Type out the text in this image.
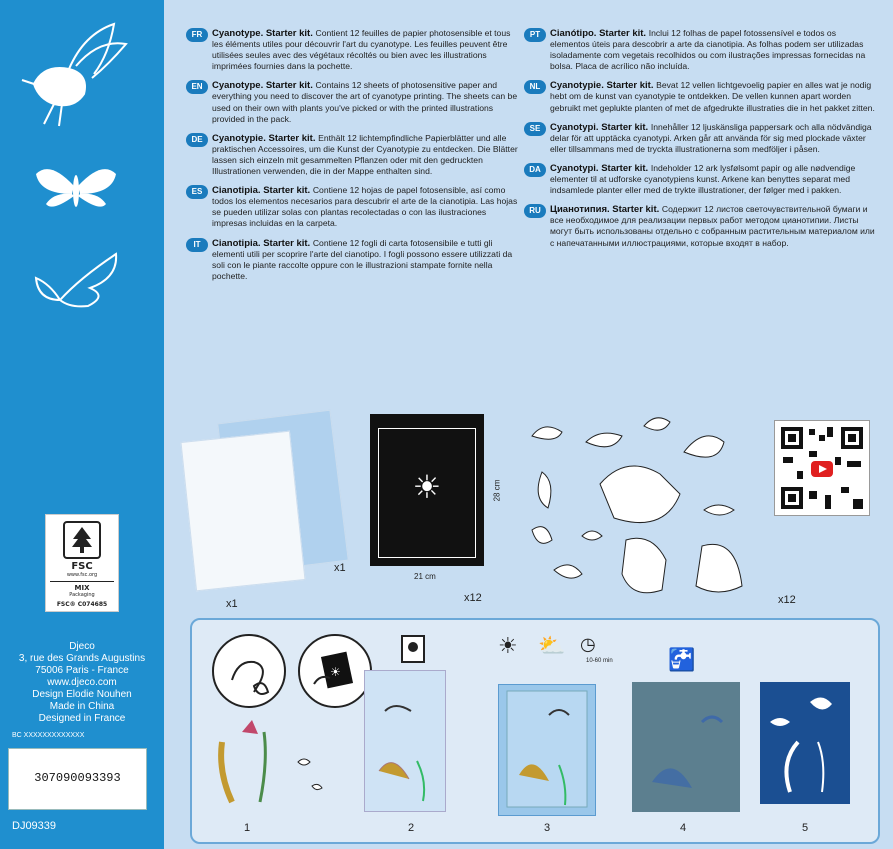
FSC
www.fsc.org
MIX
Packaging
FSC® C074685
Djeco
3, rue des Grands Augustins
75006 Paris - France
www.djeco.com
Design Elodie Nouhen
Made in China
Designed in France
BC XXXXXXXXXXXXX
307090093393
DJ09339
FR	Cyanotype. Starter kit. Contient 12 feuilles de papier photosensible et tous les éléments utiles pour découvrir l'art du cyanotype. Les feuilles peuvent être utilisées seules avec des végétaux récoltés ou bien avec les illustrations imprimées fournies dans la pochette.
EN Cyanotype. Starter kit. Contains 12 sheets of photosensitive paper and everything you need to discover the art of cyanotype printing. The sheets can be used on their own with plants you've picked or with the printed illustrations provided in the pack.
DE Cyanotypie. Starter kit. Enthält 12 lichtempfindliche Papierblätter und alle praktischen Accessoires, um die Kunst der Cyanotypie zu entdecken. Die Blätter lassen sich einzeln mit gesammelten Pflanzen oder mit den gedruckten Illustrationen verwenden, die in der Mappe enthalten sind.
ES	Cianotipia. Starter kit. Contiene 12 hojas de papel fotosensible, así como todos los elementos necesarios para descubrir el arte de la cianotipia. Las hojas se pueden utilizar solas con plantas recolectadas o con las ilustraciones impresas incluidas en la carpeta.
IT	Cianotipia. Starter kit. Contiene 12 fogli di carta fotosensibile e tutti gli elementi utili per scoprire l'arte del cianotipo. I fogli possono essere utilizzati da soli con le piante raccolte oppure con le illustrazioni stampate fornite nella pochette.
PT	Cianótipo. Starter kit. Inclui 12 folhas de papel fotossensível e todos os elementos úteis para descobrir a arte da cianotipia. As folhas podem ser utilizadas isoladamente com vegetais recolhidos ou com ilustrações impressas fornecidas na bolsa. Placa de acrílico não incluída.
NL	Cyanotypie. Starter kit. Bevat 12 vellen lichtgevoelig papier en alles wat je nodig hebt om de kunst van cyanotypie te ontdekken. De vellen kunnen apart worden gebruikt met geplukte planten of met de afgedrukte illustraties die in het pakket zitten.
SE	Cyanotypi. Starter kit. Innehåller 12 ljuskänsliga pappersark och alla nödvändiga delar för att upptäcka cyanotypi. Arken går att använda för sig med plockade växter eller tillsammans med de tryckta illustrationerna som medföljer i påsen.
DA Cyanotypi. Starter kit. Indeholder 12 ark lysfølsomt papir og alle nødvendige elementer til at udforske cyanotypiens kunst. Arkene kan benyttes separat med indsamlede planter eller med de trykte illustrationer, der følger med i pakken.
RU Цианотипия. Starter kit. Содержит 12 листов светочувствительной бумаги и все необходимое для реализации первых работ методом цианотипии. Листы могут быть использованы отдельно с собранным растительным материалом или с напечатанными иллюстрациями, которые входят в набор.
x1
x1
☀
21 cm
28 cm
x12	x12
☀
☀ ⛅ ◷
10-60 min	🚰
1	2	3	4	5
